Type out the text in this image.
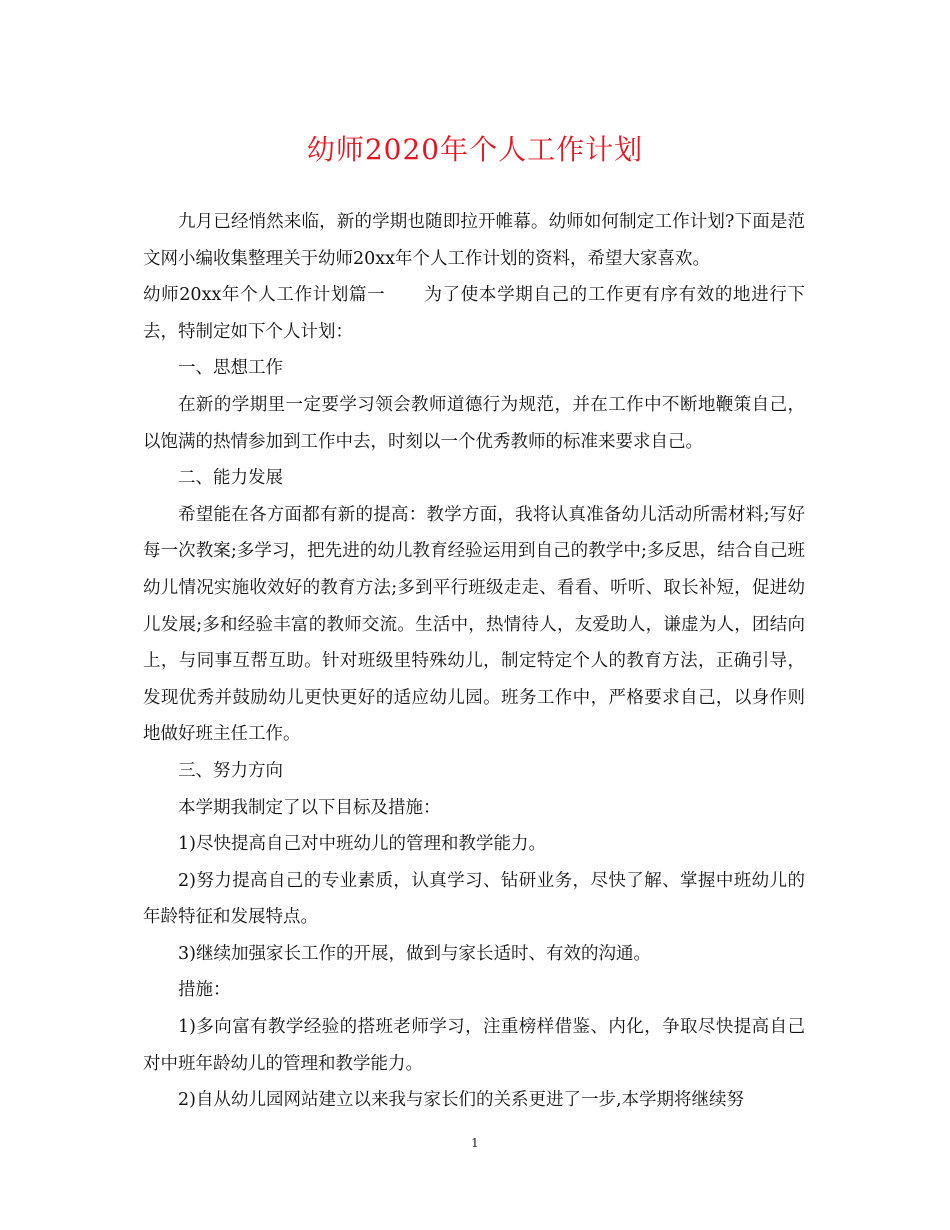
幼师2020年个人工作计划

九月已经悄然来临，新的学期也随即拉开帷幕。幼师如何制定工作计划?下面是范文网小编收集整理关于幼师20xx年个人工作计划的资料，希望大家喜欢。

幼师20xx年个人工作计划篇一 为了使本学期自己的工作更有序有效的地进行下去，特制定如下个人计划：

一、思想工作

在新的学期里一定要学习领会教师道德行为规范，并在工作中不断地鞭策自己，以饱满的热情参加到工作中去，时刻以一个优秀教师的标准来要求自己。

二、能力发展

希望能在各方面都有新的提高：教学方面，我将认真准备幼儿活动所需材料;写好每一次教案;多学习，把先进的幼儿教育经验运用到自己的教学中;多反思，结合自己班幼儿情况实施收效好的教育方法;多到平行班级走走、看看、听听、取长补短，促进幼儿发展;多和经验丰富的教师交流。生活中，热情待人，友爱助人，谦虚为人，团结向上，与同事互帮互助。针对班级里特殊幼儿，制定特定个人的教育方法，正确引导，发现优秀并鼓励幼儿更快更好的适应幼儿园。班务工作中，严格要求自己，以身作则地做好班主任工作。

三、努力方向

本学期我制定了以下目标及措施：

1)尽快提高自己对中班幼儿的管理和教学能力。

2)努力提高自己的专业素质，认真学习、钻研业务，尽快了解、掌握中班幼儿的年龄特征和发展特点。

3)继续加强家长工作的开展，做到与家长适时、有效的沟通。

措施：

1)多向富有教学经验的搭班老师学习，注重榜样借鉴、内化，争取尽快提高自己对中班年龄幼儿的管理和教学能力。

2)自从幼儿园网站建立以来我与家长们的关系更进了一步,本学期将继续努

1
